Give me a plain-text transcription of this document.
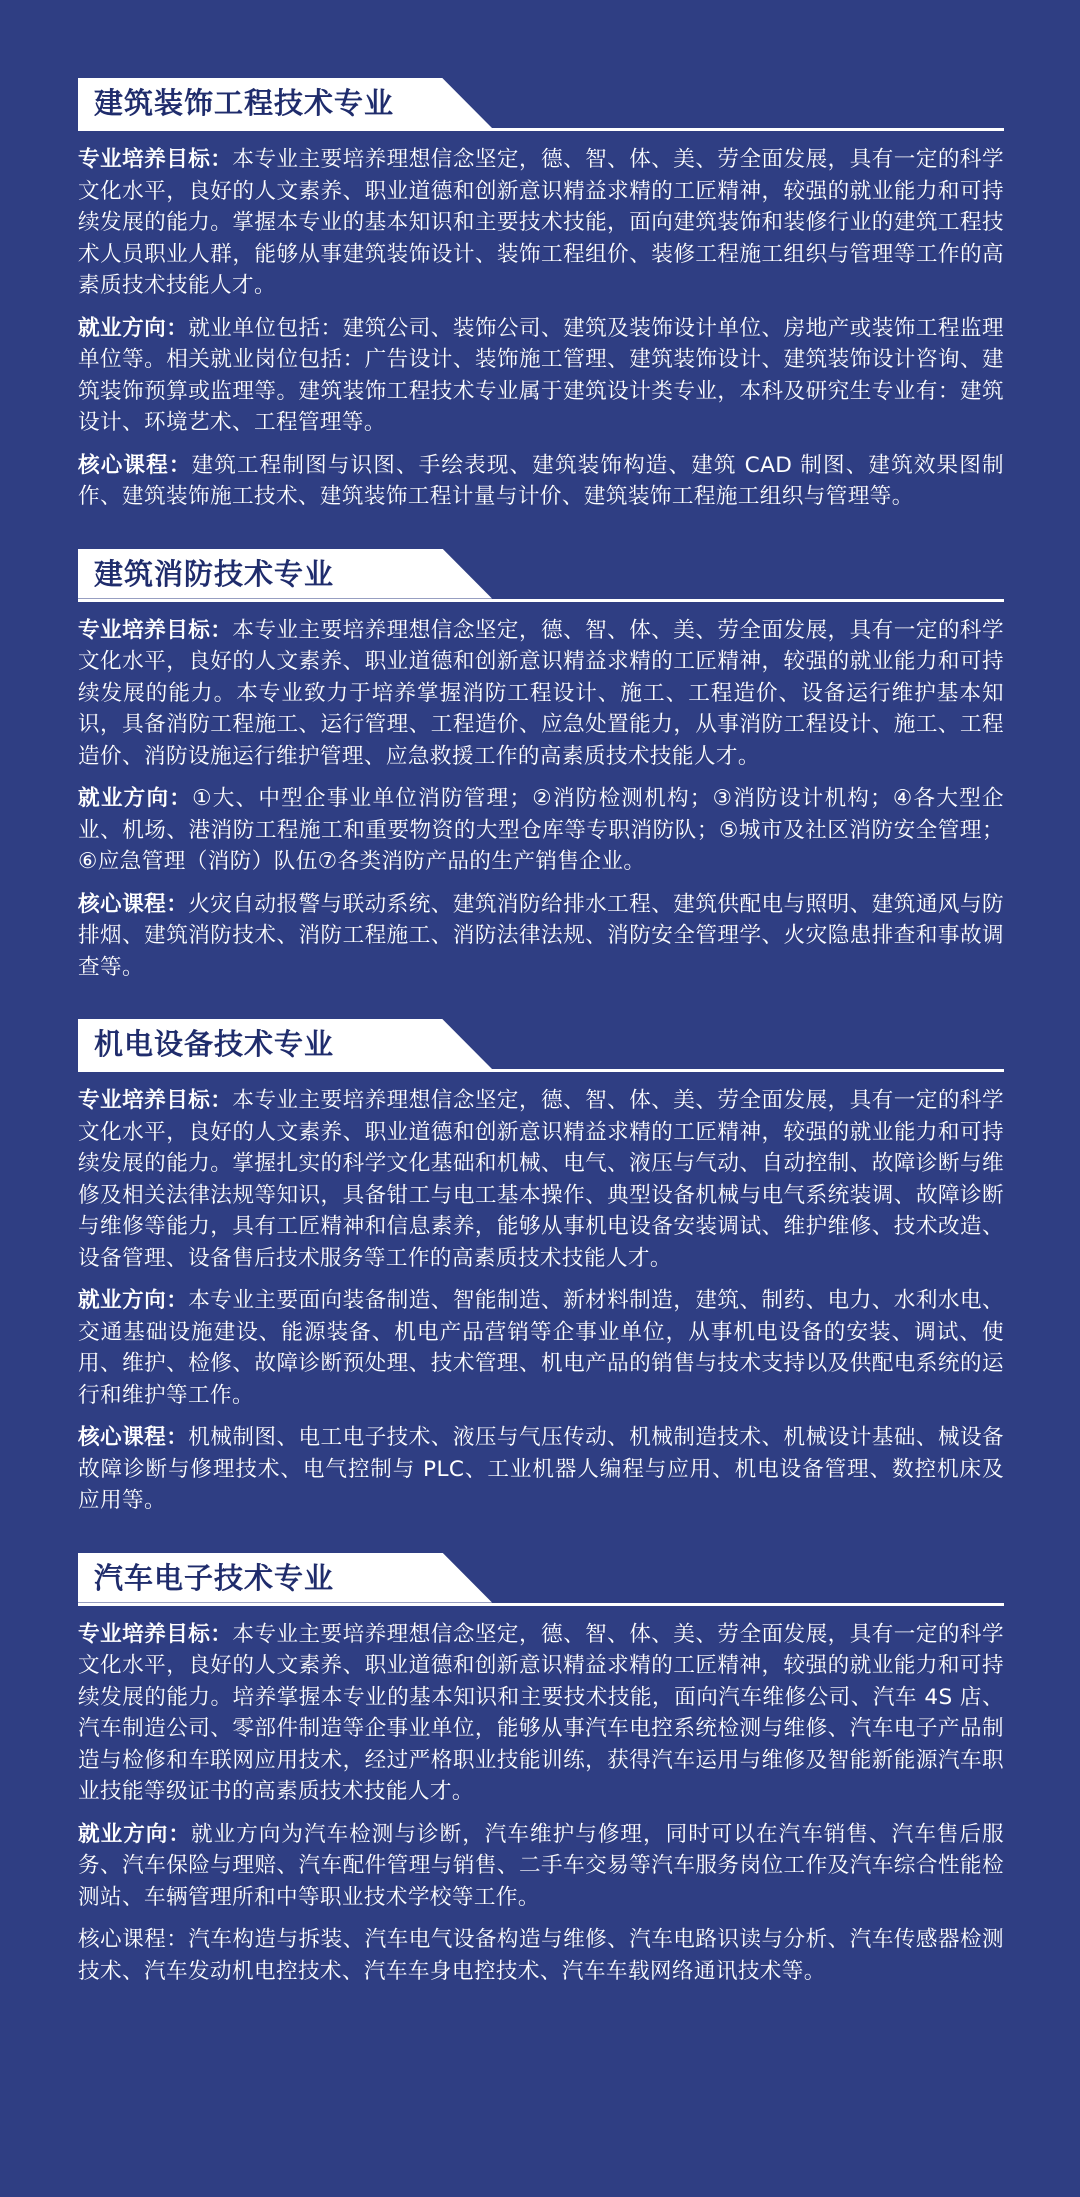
建筑装饰工程技术专业

专业培养目标：本专业主要培养理想信念坚定，德、智、体、美、劳全面发展，具有一定的科学文化水平，良好的人文素养、职业道德和创新意识精益求精的工匠精神，较强的就业能力和可持续发展的能力。掌握本专业的基本知识和主要技术技能，面向建筑装饰和装修行业的建筑工程技术人员职业人群，能够从事建筑装饰设计、装饰工程组价、装修工程施工组织与管理等工作的高素质技术技能人才。

就业方向：就业单位包括：建筑公司、装饰公司、建筑及装饰设计单位、房地产或装饰工程监理单位等。相关就业岗位包括：广告设计、装饰施工管理、建筑装饰设计、建筑装饰设计咨询、建筑装饰预算或监理等。建筑装饰工程技术专业属于建筑设计类专业，本科及研究生专业有：建筑设计、环境艺术、工程管理等。

核心课程：建筑工程制图与识图、手绘表现、建筑装饰构造、建筑 CAD 制图、建筑效果图制作、建筑装饰施工技术、建筑装饰工程计量与计价、建筑装饰工程施工组织与管理等。

建筑消防技术专业

专业培养目标：本专业主要培养理想信念坚定，德、智、体、美、劳全面发展，具有一定的科学文化水平，良好的人文素养、职业道德和创新意识精益求精的工匠精神，较强的就业能力和可持续发展的能力。本专业致力于培养掌握消防工程设计、施工、工程造价、设备运行维护基本知识，具备消防工程施工、运行管理、工程造价、应急处置能力，从事消防工程设计、施工、工程造价、消防设施运行维护管理、应急救援工作的高素质技术技能人才。

就业方向：①大、中型企事业单位消防管理；②消防检测机构；③消防设计机构；④各大型企业、机场、港消防工程施工和重要物资的大型仓库等专职消防队；⑤城市及社区消防安全管理；⑥应急管理（消防）队伍⑦各类消防产品的生产销售企业。

核心课程：火灾自动报警与联动系统、建筑消防给排水工程、建筑供配电与照明、建筑通风与防排烟、建筑消防技术、消防工程施工、消防法律法规、消防安全管理学、火灾隐患排查和事故调查等。

机电设备技术专业

专业培养目标：本专业主要培养理想信念坚定，德、智、体、美、劳全面发展，具有一定的科学文化水平，良好的人文素养、职业道德和创新意识精益求精的工匠精神，较强的就业能力和可持续发展的能力。掌握扎实的科学文化基础和机械、电气、液压与气动、自动控制、故障诊断与维修及相关法律法规等知识，具备钳工与电工基本操作、典型设备机械与电气系统装调、故障诊断与维修等能力，具有工匠精神和信息素养，能够从事机电设备安装调试、维护维修、技术改造、设备管理、设备售后技术服务等工作的高素质技术技能人才。

就业方向：本专业主要面向装备制造、智能制造、新材料制造，建筑、制药、电力、水利水电、交通基础设施建设、能源装备、机电产品营销等企事业单位，从事机电设备的安装、调试、使用、维护、检修、故障诊断预处理、技术管理、机电产品的销售与技术支持以及供配电系统的运行和维护等工作。

核心课程：机械制图、电工电子技术、液压与气压传动、机械制造技术、机械设计基础、械设备故障诊断与修理技术、电气控制与 PLC、工业机器人编程与应用、机电设备管理、数控机床及应用等。

汽车电子技术专业

专业培养目标：本专业主要培养理想信念坚定，德、智、体、美、劳全面发展，具有一定的科学文化水平，良好的人文素养、职业道德和创新意识精益求精的工匠精神，较强的就业能力和可持续发展的能力。培养掌握本专业的基本知识和主要技术技能，面向汽车维修公司、汽车 4S 店、汽车制造公司、零部件制造等企事业单位，能够从事汽车电控系统检测与维修、汽车电子产品制造与检修和车联网应用技术，经过严格职业技能训练，获得汽车运用与维修及智能新能源汽车职业技能等级证书的高素质技术技能人才。

就业方向：就业方向为汽车检测与诊断，汽车维护与修理，同时可以在汽车销售、汽车售后服务、汽车保险与理赔、汽车配件管理与销售、二手车交易等汽车服务岗位工作及汽车综合性能检测站、车辆管理所和中等职业技术学校等工作。

核心课程：汽车构造与拆装、汽车电气设备构造与维修、汽车电路识读与分析、汽车传感器检测技术、汽车发动机电控技术、汽车车身电控技术、汽车车载网络通讯技术等。
